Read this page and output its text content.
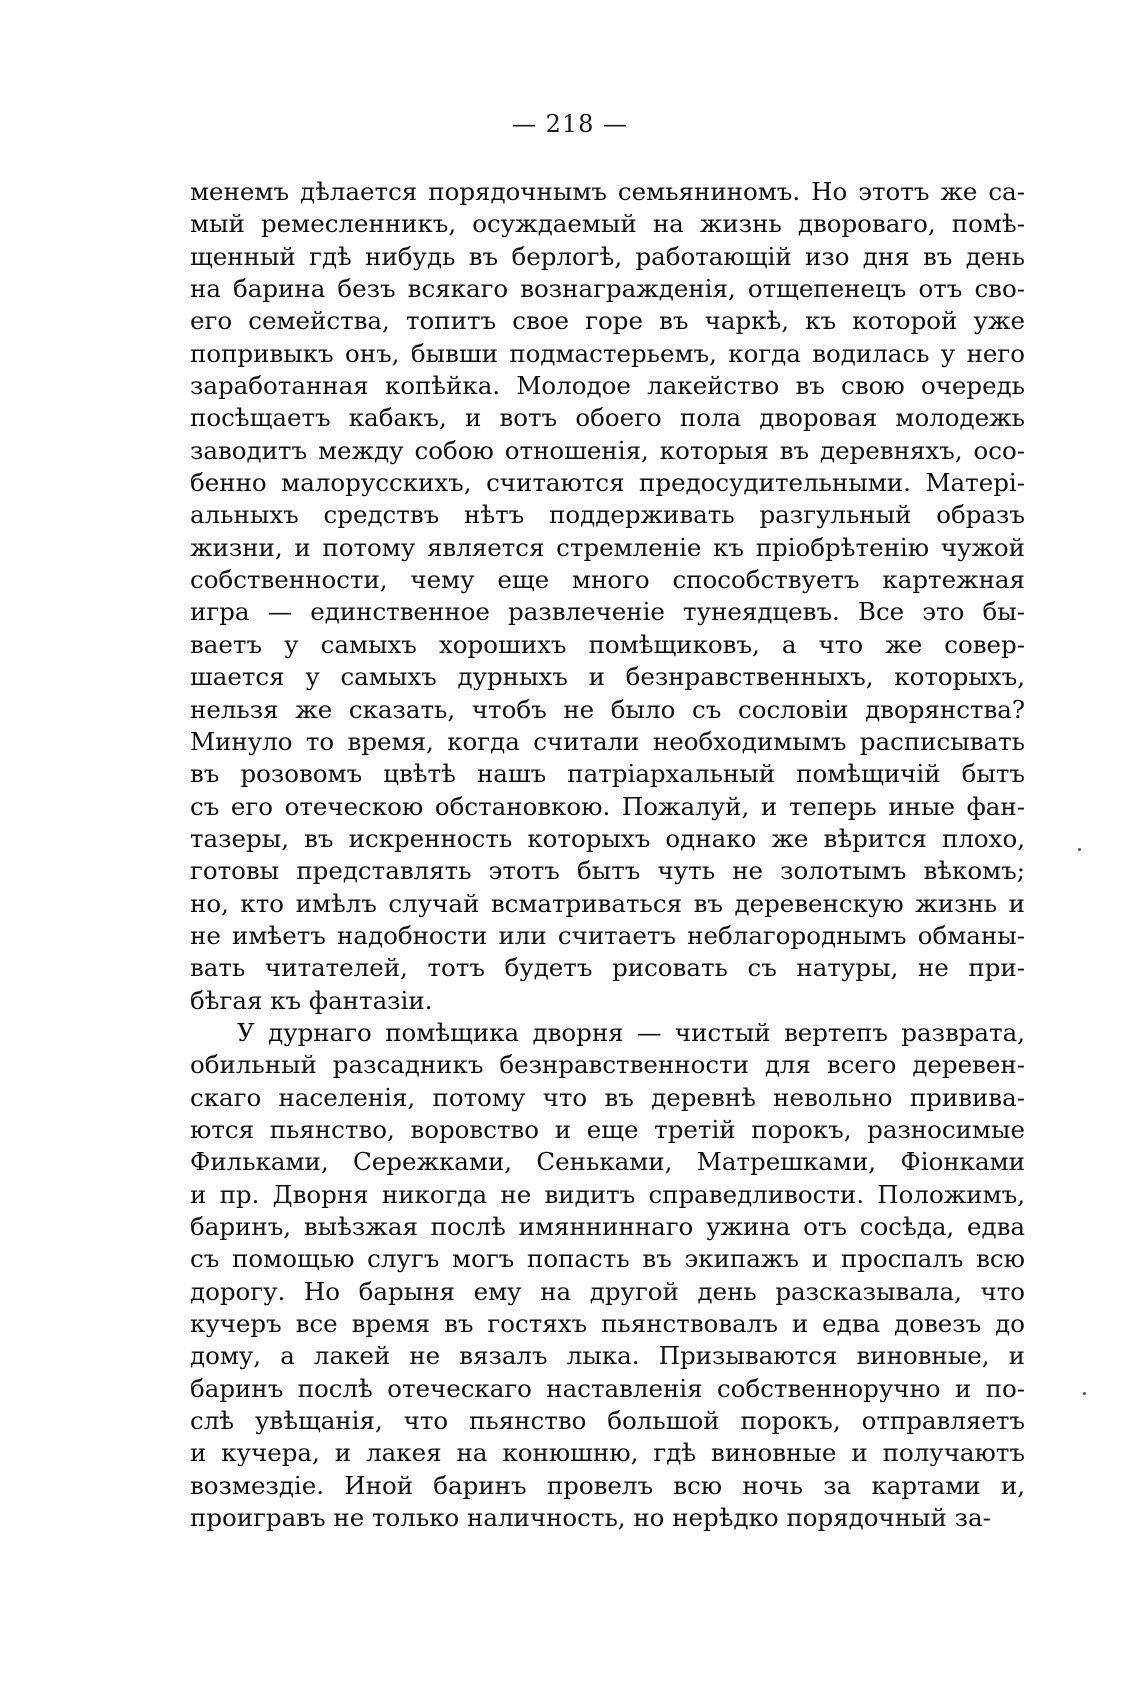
— 218 —
менемъ дѣлается порядочнымъ семьяниномъ. Но этотъ же са-
мый ремесленникъ, осуждаемый на жизнь двороваго, помѣ-
щенный гдѣ нибудь въ берлогѣ, работающій изо дня въ день
на барина безъ всякаго вознагражденія, отщепенецъ отъ сво-
его семейства, топитъ свое горе въ чаркѣ, къ которой уже
попривыкъ онъ, бывши подмастерьемъ, когда водилась у него
заработанная копѣйка. Молодое лакейство въ свою очередь
посѣщаетъ кабакъ, и вотъ обоего пола дворовая молодежь
заводитъ между собою отношенія, которыя въ деревняхъ, осо-
бенно малорусскихъ, считаются предосудительными. Матері-
альныхъ средствъ нѣтъ поддерживать разгульный образъ
жизни, и потому является стремленіе къ пріобрѣтенію чужой
собственности, чему еще много способствуетъ картежная
игра — единственное развлеченіе тунеядцевъ. Все это бы-
ваетъ у самыхъ хорошихъ помѣщиковъ, а что же совер-
шается у самыхъ дурныхъ и безнравственныхъ, которыхъ,
нельзя же сказать, чтобъ не было съ сословіи дворянства?
Минуло то время, когда считали необходимымъ расписывать
въ розовомъ цвѣтѣ нашъ патріархальный помѣщичій бытъ
съ его отеческою обстановкою. Пожалуй, и теперь иные фан-
тазеры, въ искренность которыхъ однако же вѣрится плохо,
готовы представлять этотъ бытъ чуть не золотымъ вѣкомъ;
но, кто имѣлъ случай всматриваться въ деревенскую жизнь и
не имѣетъ надобности или считаетъ неблагороднымъ обманы-
вать читателей, тотъ будетъ рисовать съ натуры, не при-
бѣгая къ фантазіи.
У дурнаго помѣщика дворня — чистый вертепъ разврата,
обильный разсадникъ безнравственности для всего деревен-
скаго населенія, потому что въ деревнѣ невольно привива-
ются пьянство, воровство и еще третій порокъ, разносимые
Фильками, Сережками, Сеньками, Матрешками, Фіонками
и пр. Дворня никогда не видитъ справедливости. Положимъ,
баринъ, выѣзжая послѣ имянниннаго ужина отъ сосѣда, едва
съ помощью слугъ могъ попасть въ экипажъ и проспалъ всю
дорогу. Но барыня ему на другой день разсказывала, что
кучеръ все время въ гостяхъ пьянствовалъ и едва довезъ до
дому, а лакей не вязалъ лыка. Призываются виновные, и
баринъ послѣ отеческаго наставленія собственноручно и по-
слѣ увѣщанія, что пьянство большой порокъ, отправляетъ
и кучера, и лакея на конюшню, гдѣ виновные и получаютъ
возмездіе. Иной баринъ провелъ всю ночь за картами и,
проигравъ не только наличность, но нерѣдко порядочный за-
